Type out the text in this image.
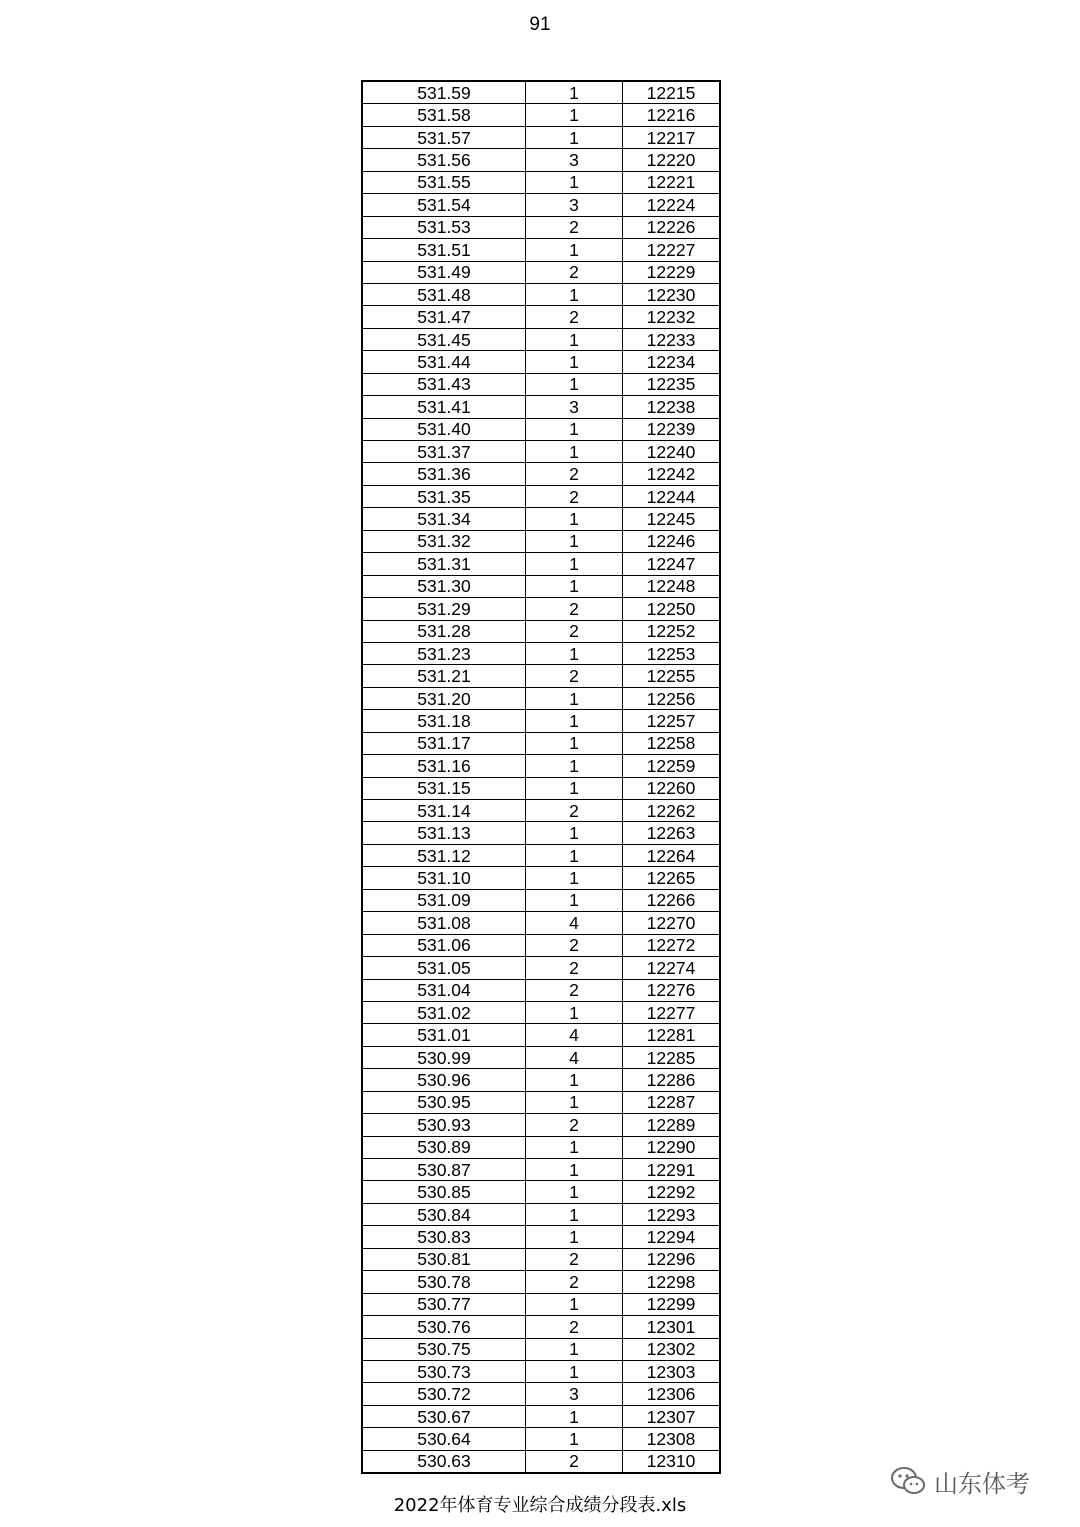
91
531.59	1	12215
531.58	1	12216
531.57	1	12217
531.56	3	12220
531.55	1	12221
531.54	3	12224
531.53	2	12226
531.51	1	12227
531.49	2	12229
531.48	1	12230
531.47	2	12232
531.45	1	12233
531.44	1	12234
531.43	1	12235
531.41	3	12238
531.40	1	12239
531.37	1	12240
531.36	2	12242
531.35	2	12244
531.34	1	12245
531.32	1	12246
531.31	1	12247
531.30	1	12248
531.29	2	12250
531.28	2	12252
531.23	1	12253
531.21	2	12255
531.20	1	12256
531.18	1	12257
531.17	1	12258
531.16	1	12259
531.15	1	12260
531.14	2	12262
531.13	1	12263
531.12	1	12264
531.10	1	12265
531.09	1	12266
531.08	4	12270
531.06	2	12272
531.05	2	12274
531.04	2	12276
531.02	1	12277
531.01	4	12281
530.99	4	12285
530.96	1	12286
530.95	1	12287
530.93	2	12289
530.89	1	12290
530.87	1	12291
530.85	1	12292
530.84	1	12293
530.83	1	12294
530.81	2	12296
530.78	2	12298
530.77	1	12299
530.76	2	12301
530.75	1	12302
530.73	1	12303
530.72	3	12306
530.67	1	12307
530.64	1	12308
530.63	2	12310
山东体考
2022年体育专业综合成绩分段表.xls
